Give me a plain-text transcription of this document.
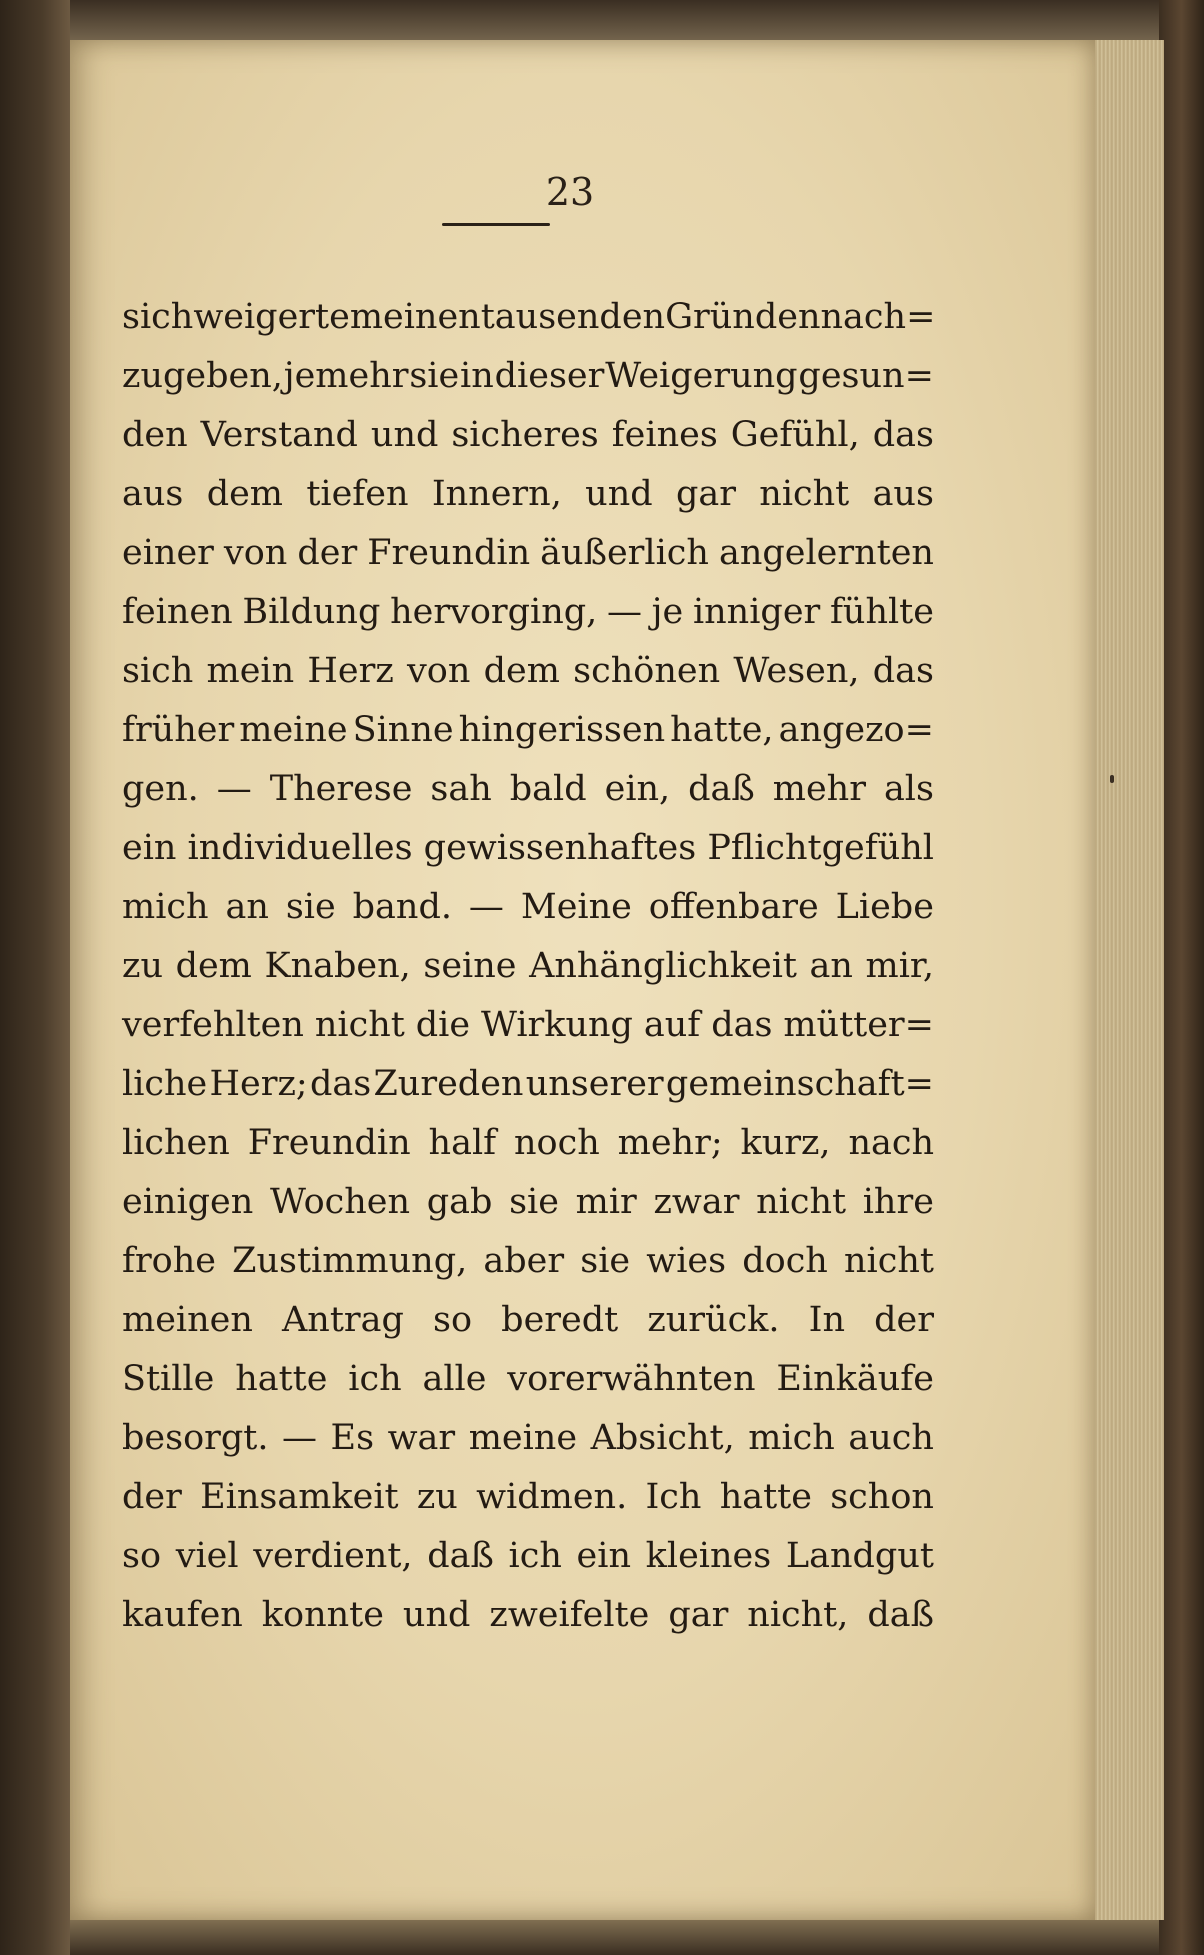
23
sich weigerte meinen tausenden Gründen nach=
zugeben, jemehr sie in dieser Weigerung gesun=
den Verstand und sicheres feines Gefühl, das
aus dem tiefen Innern, und gar nicht aus
einer von der Freundin äußerlich angelernten
feinen Bildung hervorging, — je inniger fühlte
sich mein Herz von dem schönen Wesen, das
früher meine Sinne hingerissen hatte, angezo=
gen. — Therese sah bald ein, daß mehr als
ein individuelles gewissenhaftes Pflichtgefühl
mich an sie band. — Meine offenbare Liebe
zu dem Knaben, seine Anhänglichkeit an mir,
verfehlten nicht die Wirkung auf das mütter=
liche Herz; das Zureden unserer gemeinschaft=
lichen Freundin half noch mehr; kurz, nach
einigen Wochen gab sie mir zwar nicht ihre
frohe Zustimmung, aber sie wies doch nicht
meinen Antrag so beredt zurück. In der
Stille hatte ich alle vorerwähnten Einkäufe
besorgt. — Es war meine Absicht, mich auch
der Einsamkeit zu widmen. Ich hatte schon
so viel verdient, daß ich ein kleines Landgut
kaufen konnte und zweifelte gar nicht, daß
